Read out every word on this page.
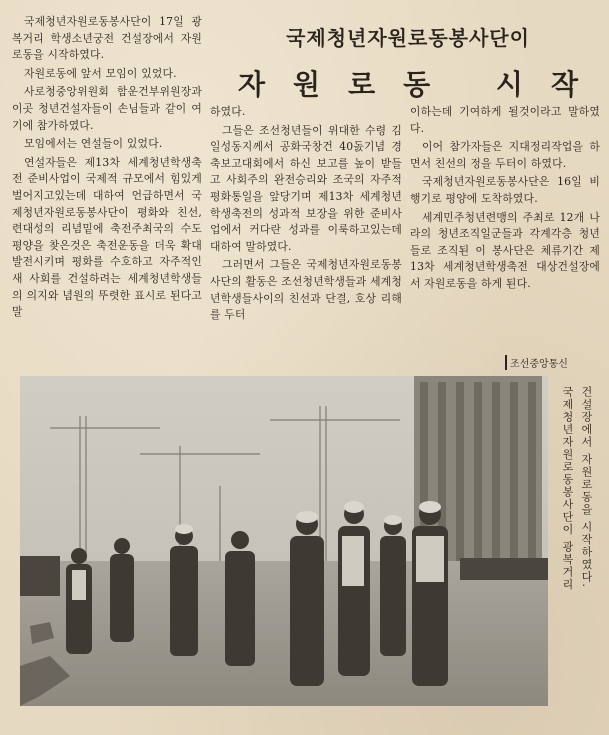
국제청년자원로동봉사단이
자원로동 시작

국제청년자원로동봉사단이 17일 광복거리 학생소년궁전 건설장에서 자원로동을 시작하였다.

자원로동에 앞서 모임이 있었다.

사로청중앙위원회 함운건부위원장과 이곳 청년건설자들이 손님들과 같이 여기에 참가하였다.

모임에서는 연설들이 있었다.

연설자들은 제13차 세계청년학생축전 준비사업이 국제적 규모에서 힘있게 벌어지고있는데 대하여 언급하면서 국제청년자원로동봉사단이 평화와 친선, 련대성의 리념밑에 축전주최국의 수도 평양을 찾은것은 축전운동을 더욱 확대발전시키며 평화를 수호하고 자주적인 새 사회를 건설하려는 세계청년학생들의 의지와 념원의 뚜렷한 표시로 된다고 말

하였다.

그들은 조선청년들이 위대한 수령 김일성동지께서 공화국창건 40돐기념 경축보고대회에서 하신 보고를 높이 받들고 사회주의 완전승리와 조국의 자주적 평화통일을 앞당기며 제13차 세계청년학생축전의 성과적 보장을 위한 준비사업에서 커다란 성과를 이룩하고있는데 대하여 말하였다.

그러면서 그들은 국제청년자원로동봉사단의 활동은 조선청년학생들과 세계청년학생들사이의 친선과 단결, 호상 리해를 두터

이하는데 기여하게 될것이라고 말하였다.

이어 참가자들은 지대정리작업을 하면서 친선의 정을 두터이 하였다.

국제청년자원로동봉사단은 16일 비행기로 평양에 도착하였다.

세계민주청년련맹의 주최로 12개 나라의 청년조직일군들과 각계각층 청년들로 조직된 이 봉사단은 체류기간 제13차 세계청년학생축전 대상건설장에서 자원로동을 하게 된다.

조선중앙통신
국제청년자원로동봉사단이 광복거리 건설장에서 자원로동을 시작하였다.
